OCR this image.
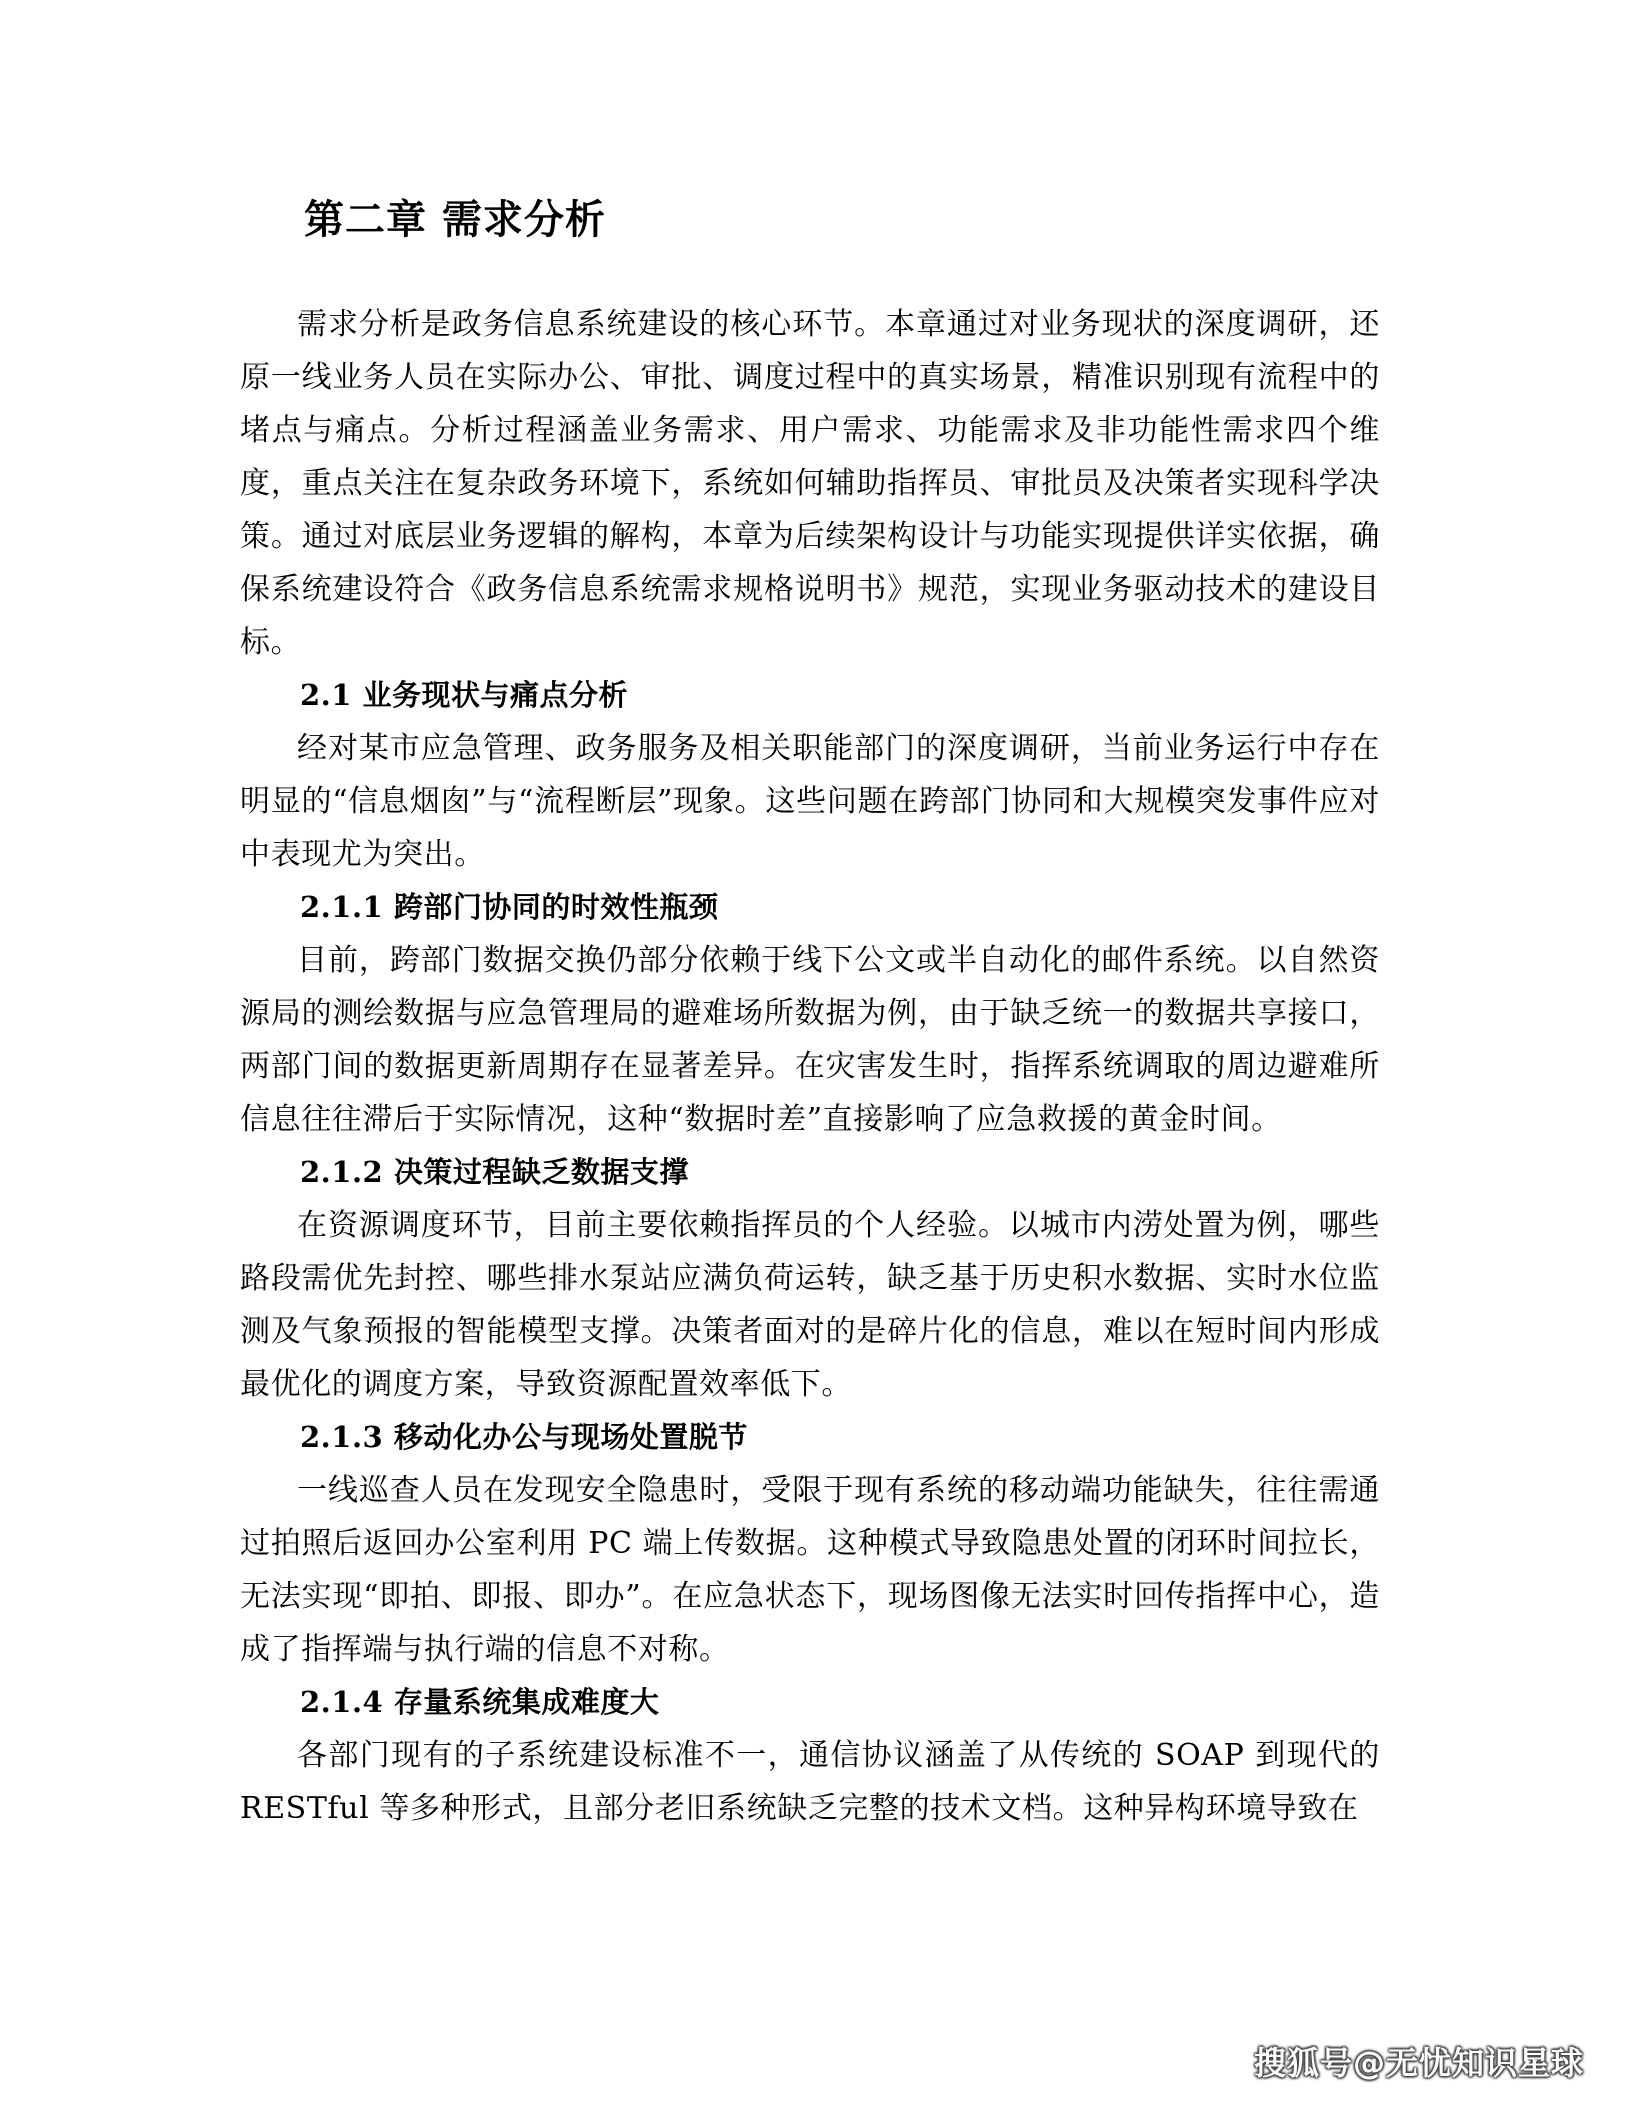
第二章 需求分析

需求分析是政务信息系统建设的核心环节。本章通过对业务现状的深度调研，还原一线业务人员在实际办公、审批、调度过程中的真实场景，精准识别现有流程中的堵点与痛点。分析过程涵盖业务需求、用户需求、功能需求及非功能性需求四个维度，重点关注在复杂政务环境下，系统如何辅助指挥员、审批员及决策者实现科学决策。通过对底层业务逻辑的解构，本章为后续架构设计与功能实现提供详实依据，确保系统建设符合《政务信息系统需求规格说明书》规范，实现业务驱动技术的建设目标。

2.1 业务现状与痛点分析

经对某市应急管理、政务服务及相关职能部门的深度调研，当前业务运行中存在明显的“信息烟囱”与“流程断层”现象。这些问题在跨部门协同和大规模突发事件应对中表现尤为突出。

2.1.1 跨部门协同的时效性瓶颈

目前，跨部门数据交换仍部分依赖于线下公文或半自动化的邮件系统。以自然资源局的测绘数据与应急管理局的避难场所数据为例，由于缺乏统一的数据共享接口，两部门间的数据更新周期存在显著差异。在灾害发生时，指挥系统调取的周边避难所信息往往滞后于实际情况，这种“数据时差”直接影响了应急救援的黄金时间。

2.1.2 决策过程缺乏数据支撑

在资源调度环节，目前主要依赖指挥员的个人经验。以城市内涝处置为例，哪些路段需优先封控、哪些排水泵站应满负荷运转，缺乏基于历史积水数据、实时水位监测及气象预报的智能模型支撑。决策者面对的是碎片化的信息，难以在短时间内形成最优化的调度方案，导致资源配置效率低下。

2.1.3 移动化办公与现场处置脱节

一线巡查人员在发现安全隐患时，受限于现有系统的移动端功能缺失，往往需通过拍照后返回办公室利用 PC 端上传数据。这种模式导致隐患处置的闭环时间拉长，无法实现“即拍、即报、即办”。在应急状态下，现场图像无法实时回传指挥中心，造成了指挥端与执行端的信息不对称。

2.1.4 存量系统集成难度大

各部门现有的子系统建设标准不一，通信协议涵盖了从传统的 SOAP 到现代的 RESTful 等多种形式，且部分老旧系统缺乏完整的技术文档。这种异构环境导致在

搜狐号@无忧知识星球
